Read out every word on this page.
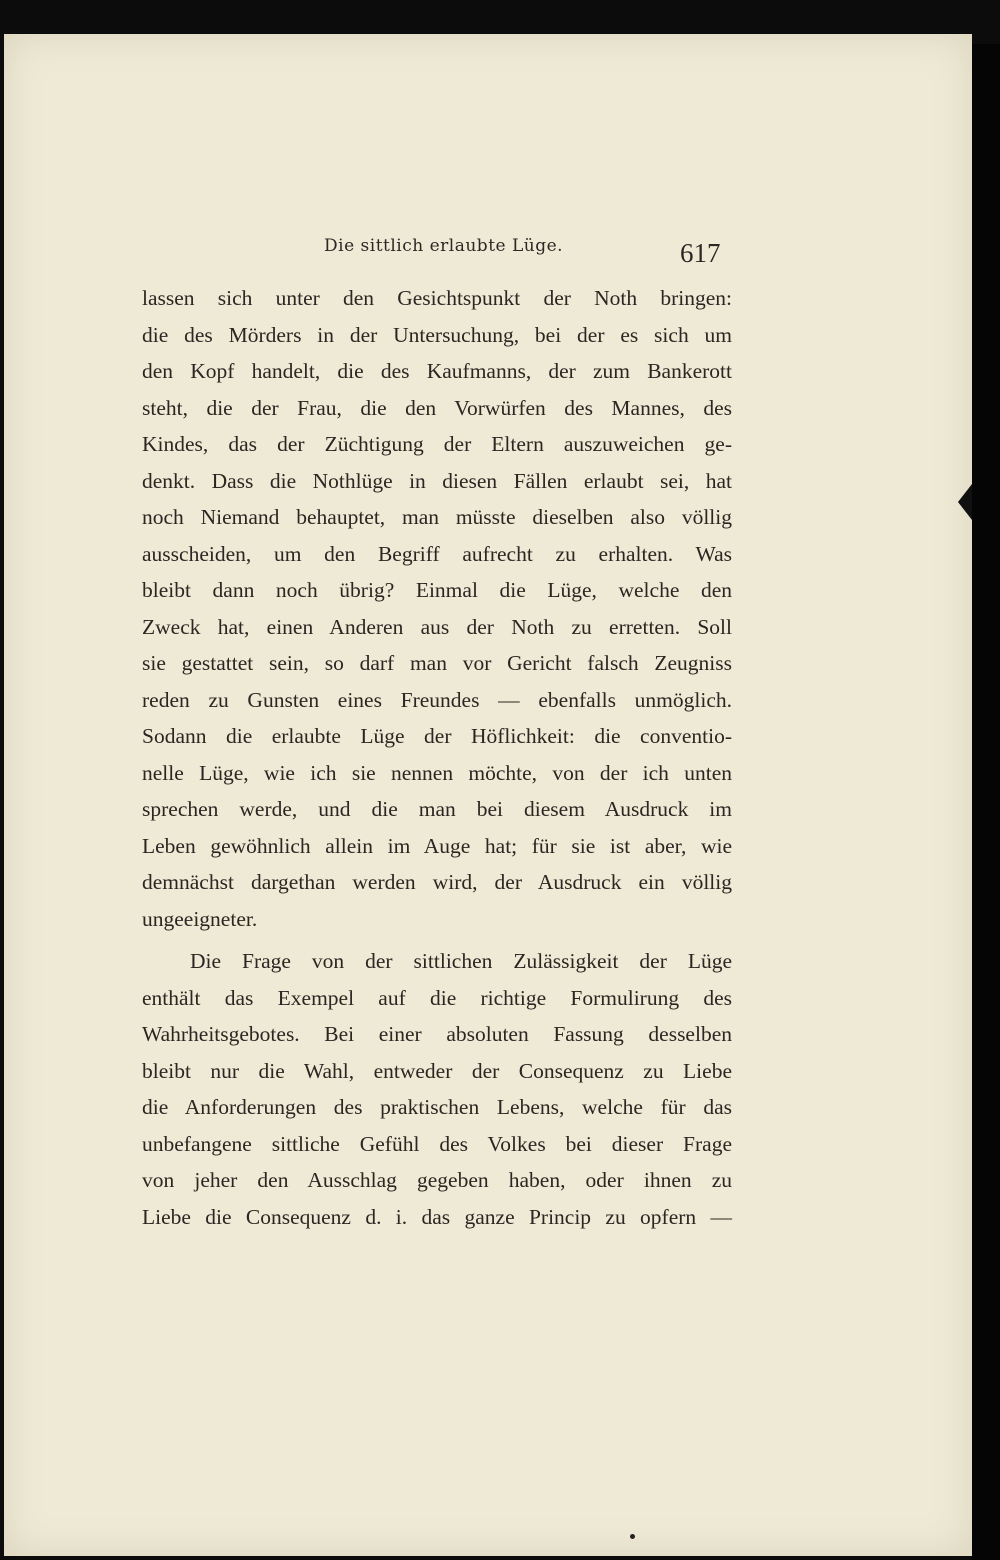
Die sittlich erlaubte Lüge.	617
lassen sich unter den Gesichtspunkt der Noth bringen:
die des Mörders in der Untersuchung, bei der es sich um
den Kopf handelt, die des Kaufmanns, der zum Bankerott
steht, die der Frau, die den Vorwürfen des Mannes, des
Kindes, das der Züchtigung der Eltern auszuweichen ge-
denkt. Dass die Nothlüge in diesen Fällen erlaubt sei, hat
noch Niemand behauptet, man müsste dieselben also völlig
ausscheiden, um den Begriff aufrecht zu erhalten. Was
bleibt dann noch übrig? Einmal die Lüge, welche den
Zweck hat, einen Anderen aus der Noth zu erretten. Soll
sie gestattet sein, so darf man vor Gericht falsch Zeugniss
reden zu Gunsten eines Freundes — ebenfalls unmöglich.
Sodann die erlaubte Lüge der Höflichkeit: die conventio-
nelle Lüge, wie ich sie nennen möchte, von der ich unten
sprechen werde, und die man bei diesem Ausdruck im
Leben gewöhnlich allein im Auge hat; für sie ist aber, wie
demnächst dargethan werden wird, der Ausdruck ein völlig
ungeeigneter.
Die Frage von der sittlichen Zulässigkeit der Lüge
enthält das Exempel auf die richtige Formulirung des
Wahrheitsgebotes. Bei einer absoluten Fassung desselben
bleibt nur die Wahl, entweder der Consequenz zu Liebe
die Anforderungen des praktischen Lebens, welche für das
unbefangene sittliche Gefühl des Volkes bei dieser Frage
von jeher den Ausschlag gegeben haben, oder ihnen zu
Liebe die Consequenz d. i. das ganze Princip zu opfern —
